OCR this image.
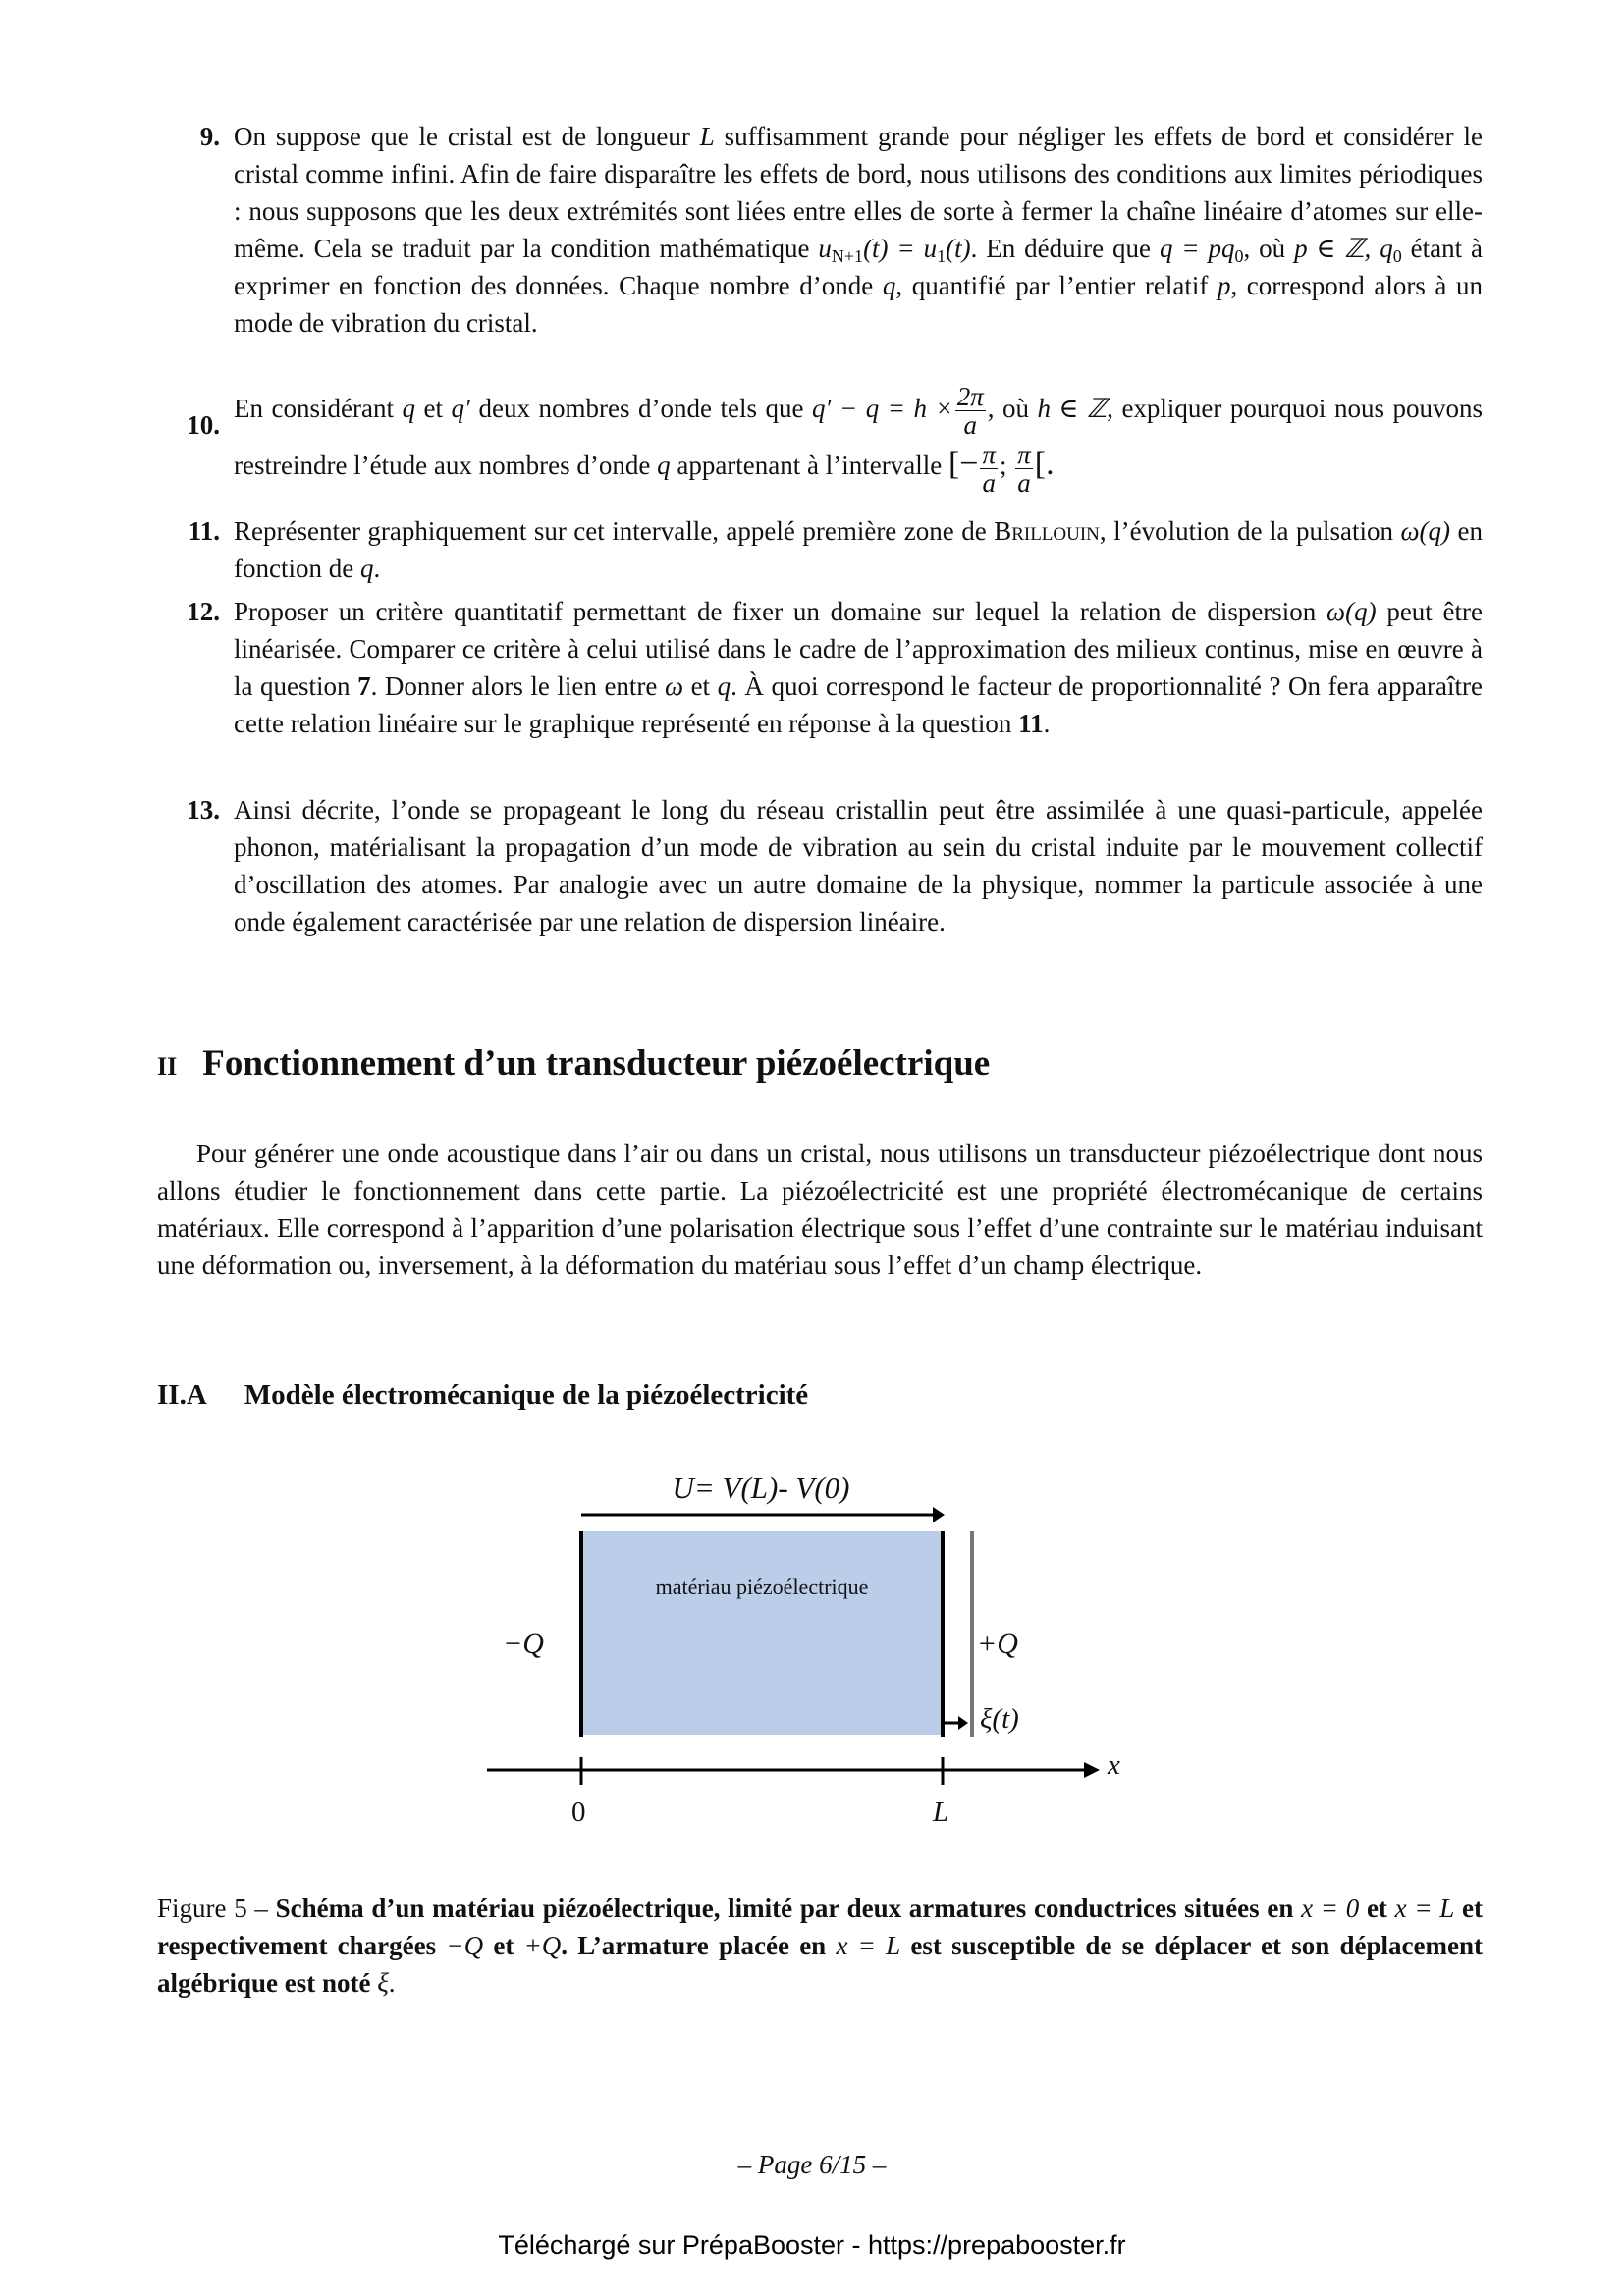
9. On suppose que le cristal est de longueur L suffisamment grande pour négliger les effets de bord et considérer le cristal comme infini. Afin de faire disparaître les effets de bord, nous utilisons des conditions aux limites périodiques : nous supposons que les deux extrémités sont liées entre elles de sorte à fermer la chaîne linéaire d’atomes sur elle-même. Cela se traduit par la condition mathématique $u_{N+1}(t) = u_1(t)$. En déduire que $q = pq_0$, où p ∈ ℤ, $q_0$ étant à exprimer en fonction des données. Chaque nombre d’onde q, quantifié par l’entier relatif p, correspond alors à un mode de vibration du cristal.
10.
En considérant q et q′ deux nombres d’onde tels que $q' - q = h \times \frac{2\pi}{a}$ , où h ∈ ℤ, expliquer pourquoi nous pouvons restreindre l’étude aux nombres d’onde q appartenant à l’intervalle [− $\frac{\pi}{a}$ ; $\frac{\pi}{a}$ [.
11. Représenter graphiquement sur cet intervalle, appelé première zone de Brillouin, l’évolution de la pulsation ω(q) en fonction de q.
12. Proposer un critère quantitatif permettant de fixer un domaine sur lequel la relation de dispersion ω(q) peut être linéarisée. Comparer ce critère à celui utilisé dans le cadre de l’approximation des milieux continus, mise en œuvre à la question 7. Donner alors le lien entre ω et q. À quoi correspond le facteur de proportionnalité ? On fera apparaître cette relation linéaire sur le graphique représenté en réponse à la question 11.
13. Ainsi décrite, l’onde se propageant le long du réseau cristallin peut être assimilée à une quasi-particule, appelée phonon, matérialisant la propagation d’un mode de vibration au sein du cristal induite par le mouvement collectif d’oscillation des atomes. Par analogie avec un autre domaine de la physique, nommer la particule associée à une onde également caractérisée par une relation de dispersion linéaire.
II Fonctionnement d’un transducteur piézoélectrique
Pour générer une onde acoustique dans l’air ou dans un cristal, nous utilisons un transducteur piézoélectrique dont nous allons étudier le fonctionnement dans cette partie. La piézoélectricité est une propriété électromécanique de certains matériaux. Elle correspond à l’apparition d’une polarisation électrique sous l’effet d’une contrainte sur le matériau induisant une déformation ou, inversement, à la déformation du matériau sous l’effet d’un champ électrique.
II.A Modèle électromécanique de la piézoélectricité
U= V(L)- V(0)
matériau piézoélectrique
−Q	+Q
ξ(t)
x
0	L
Figure 5 – Schéma d’un matériau piézoélectrique, limité par deux armatures conductrices situées en x = 0 et x = L et respectivement chargées −Q et +Q. L’armature placée en x = L est susceptible de se déplacer et son déplacement algébrique est noté ξ.
– Page 6/15 –
Téléchargé sur PrépaBooster - https://prepabooster.fr
